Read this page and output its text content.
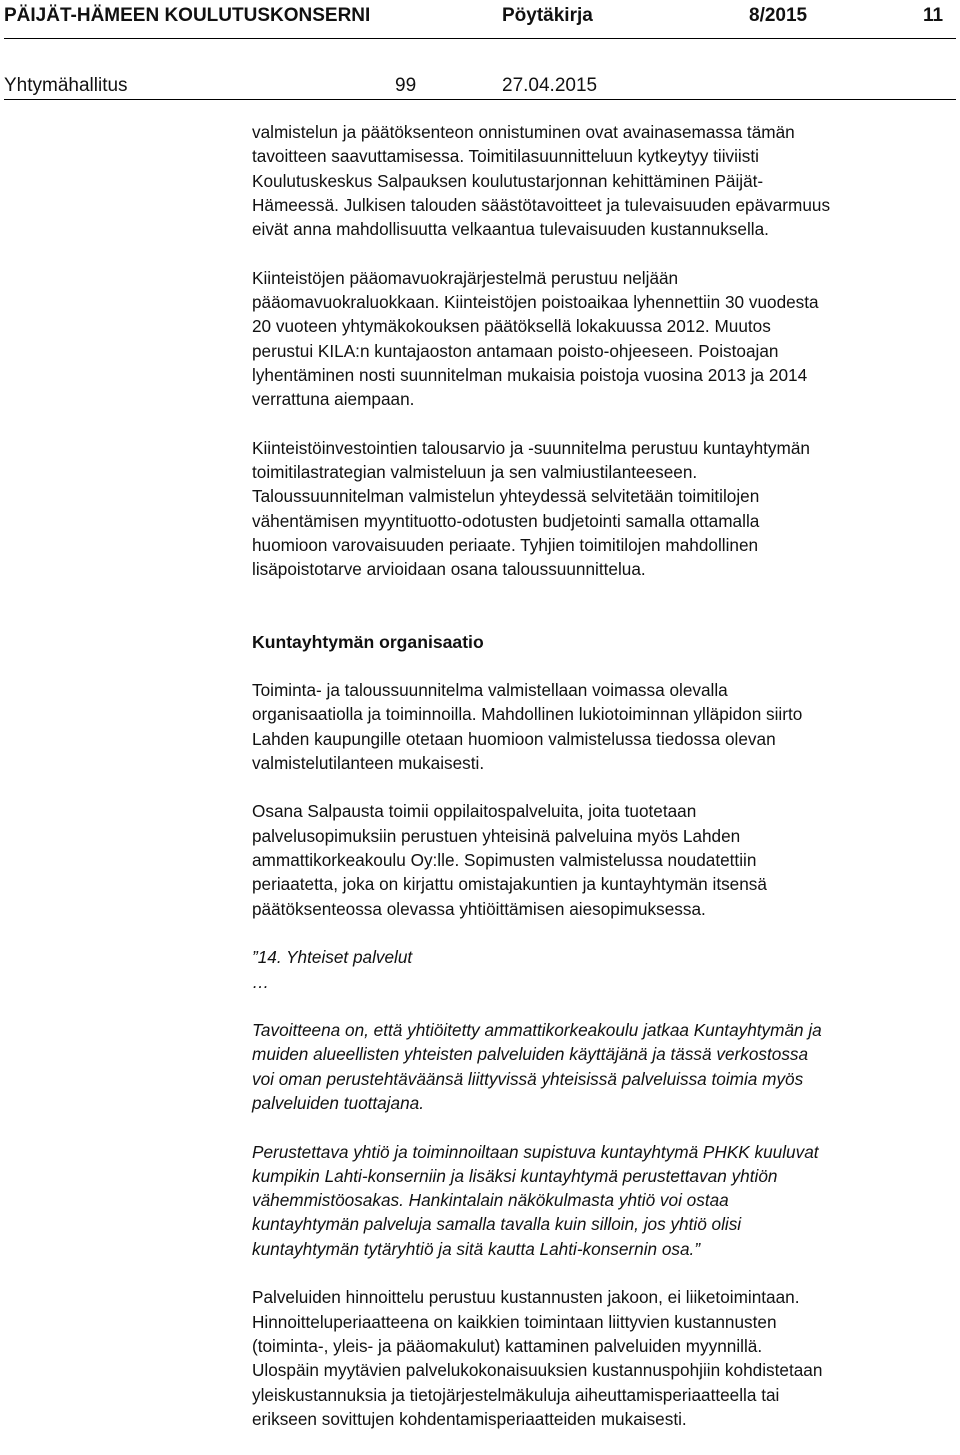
PÄIJÄT-HÄMEEN KOULUTUSKONSERNI	Pöytäkirja	8/2015	11
Yhtymähallitus	99	27.04.2015

valmistelun ja päätöksenteon onnistuminen ovat avainasemassa tämän
tavoitteen saavuttamisessa. Toimitilasuunnitteluun kytkeytyy tiiviisti
Koulutuskeskus Salpauksen koulutustarjonnan kehittäminen Päijät-
Hämeessä. Julkisen talouden säästötavoitteet ja tulevaisuuden epävarmuus
eivät anna mahdollisuutta velkaantua tulevaisuuden kustannuksella.

Kiinteistöjen pääomavuokrajärjestelmä perustuu neljään
pääomavuokraluokkaan. Kiinteistöjen poistoaikaa lyhennettiin 30 vuodesta
20 vuoteen yhtymäkokouksen päätöksellä lokakuussa 2012. Muutos
perustui KILA:n kuntajaoston antamaan poisto-ohjeeseen. Poistoajan
lyhentäminen nosti suunnitelman mukaisia poistoja vuosina 2013 ja 2014
verrattuna aiempaan.

Kiinteistöinvestointien talousarvio ja -suunnitelma perustuu kuntayhtymän
toimitilastrategian valmisteluun ja sen valmiustilanteeseen.
Taloussuunnitelman valmistelun yhteydessä selvitetään toimitilojen
vähentämisen myyntituotto-odotusten budjetointi samalla ottamalla
huomioon varovaisuuden periaate. Tyhjien toimitilojen mahdollinen
lisäpoistotarve arvioidaan osana taloussuunnittelua.

Kuntayhtymän organisaatio

Toiminta- ja taloussuunnitelma valmistellaan voimassa olevalla
organisaatiolla ja toiminnoilla. Mahdollinen lukiotoiminnan ylläpidon siirto
Lahden kaupungille otetaan huomioon valmistelussa tiedossa olevan
valmistelutilanteen mukaisesti.

Osana Salpausta toimii oppilaitospalveluita, joita tuotetaan
palvelusopimuksiin perustuen yhteisinä palveluina myös Lahden
ammattikorkeakoulu Oy:lle. Sopimusten valmistelussa noudatettiin
periaatetta, joka on kirjattu omistajakuntien ja kuntayhtymän itsensä
päätöksenteossa olevassa yhtiöittämisen aiesopimuksessa.

”14. Yhteiset palvelut

…

Tavoitteena on, että yhtiöitetty ammattikorkeakoulu jatkaa Kuntayhtymän ja
muiden alueellisten yhteisten palveluiden käyttäjänä ja tässä verkostossa
voi oman perustehtäväänsä liittyvissä yhteisissä palveluissa toimia myös
palveluiden tuottajana.

Perustettava yhtiö ja toiminnoiltaan supistuva kuntayhtymä PHKK kuuluvat
kumpikin Lahti-konserniin ja lisäksi kuntayhtymä perustettavan yhtiön
vähemmistöosakas. Hankintalain näkökulmasta yhtiö voi ostaa
kuntayhtymän palveluja samalla tavalla kuin silloin, jos yhtiö olisi
kuntayhtymän tytäryhtiö ja sitä kautta Lahti-konsernin osa.”

Palveluiden hinnoittelu perustuu kustannusten jakoon, ei liiketoimintaan.
Hinnoitteluperiaatteena on kaikkien toimintaan liittyvien kustannusten
(toiminta-, yleis- ja pääomakulut) kattaminen palveluiden myynnillä.
Ulospäin myytävien palvelukokonaisuuksien kustannuspohjiin kohdistetaan
yleiskustannuksia ja tietojärjestelmäkuluja aiheuttamisperiaatteella tai
erikseen sovittujen kohdentamisperiaatteiden mukaisesti.
